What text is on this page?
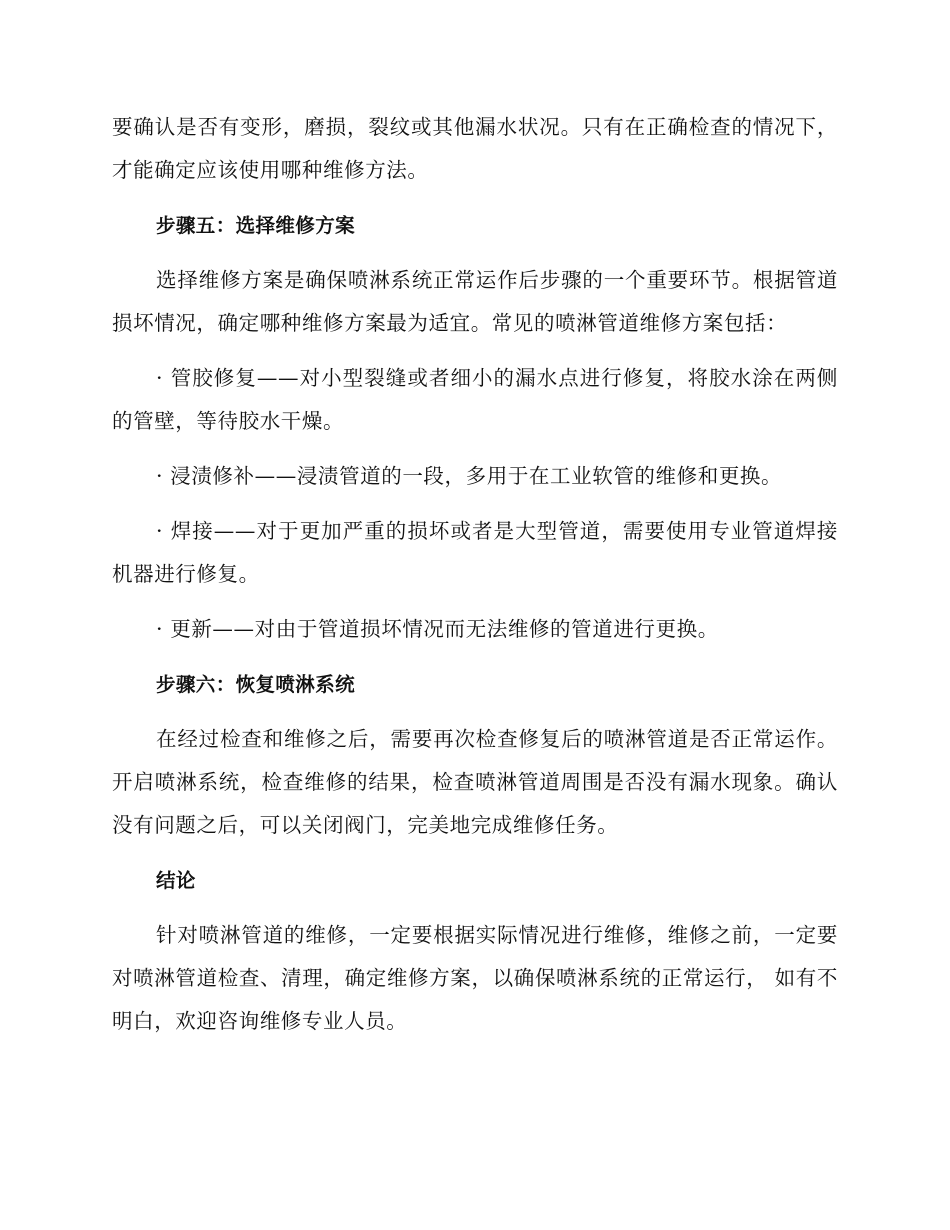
要确认是否有变形，磨损，裂纹或其他漏水状况。只有在正确检查的情况下，才能确定应该使用哪种维修方法。

步骤五：选择维修方案

选择维修方案是确保喷淋系统正常运作后步骤的一个重要环节。根据管道损坏情况，确定哪种维修方案最为适宜。常见的喷淋管道维修方案包括：

· 管胶修复——对小型裂缝或者细小的漏水点进行修复，将胶水涂在两侧的管壁，等待胶水干燥。

· 浸渍修补——浸渍管道的一段，多用于在工业软管的维修和更换。

· 焊接——对于更加严重的损坏或者是大型管道，需要使用专业管道焊接机器进行修复。

· 更新——对由于管道损坏情况而无法维修的管道进行更换。

步骤六：恢复喷淋系统

在经过检查和维修之后，需要再次检查修复后的喷淋管道是否正常运作。开启喷淋系统，检查维修的结果，检查喷淋管道周围是否没有漏水现象。确认没有问题之后，可以关闭阀门，完美地完成维修任务。

结论

针对喷淋管道的维修，一定要根据实际情况进行维修，维修之前，一定要对喷淋管道检查、清理，确定维修方案，以确保喷淋系统的正常运行， 如有不明白，欢迎咨询维修专业人员。
